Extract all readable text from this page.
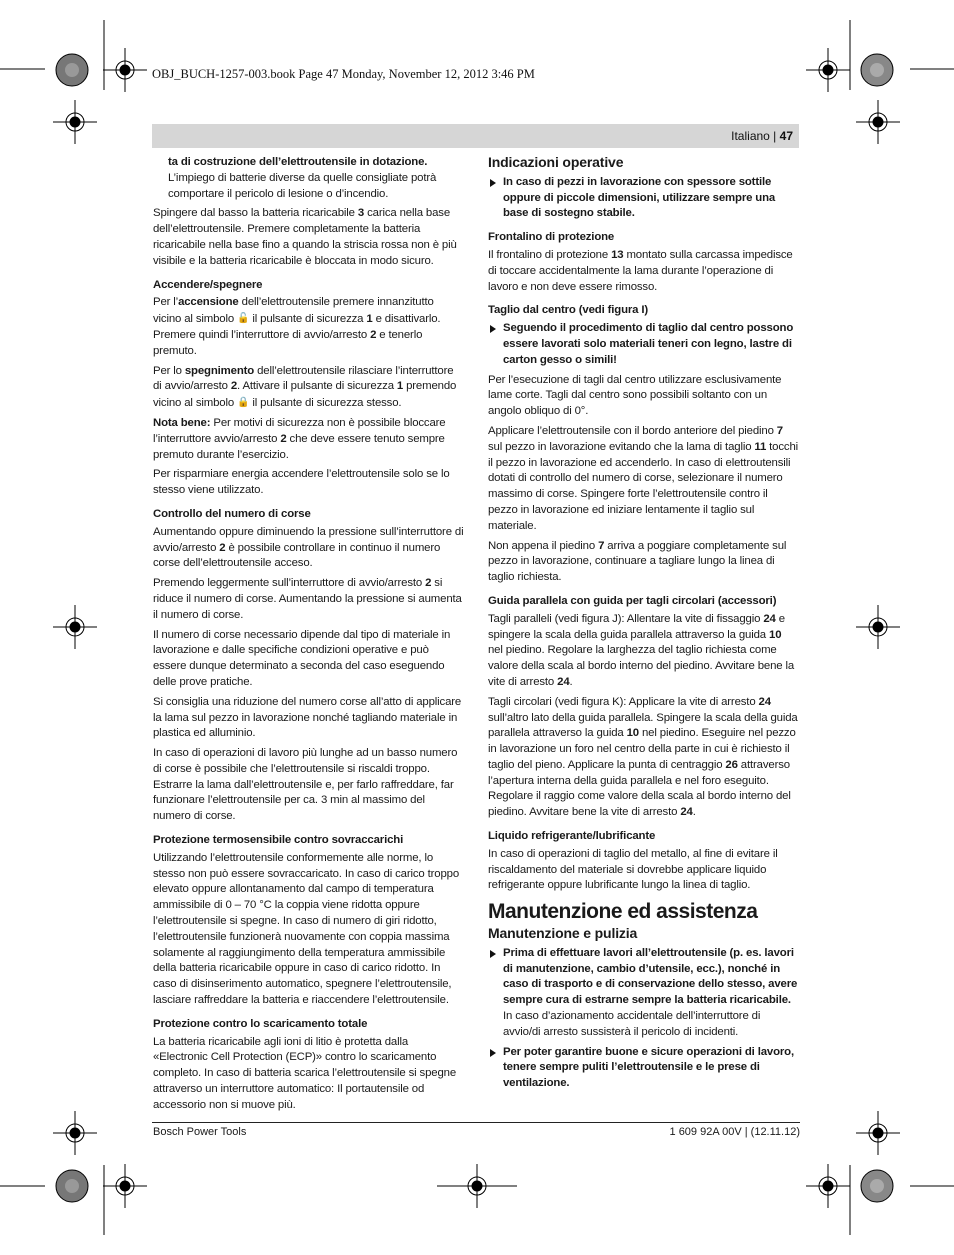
OBJ_BUCH-1257-003.book Page 47 Monday, November 12, 2012 3:46 PM
Italiano | 47

ta di costruzione dell’elettroutensile in dotazione. L’impiego di batterie diverse da quelle consigliate potrà comportare il pericolo di lesione o d’incendio.

Spingere dal basso la batteria ricaricabile 3 carica nella base dell’elettroutensile. Premere completamente la batteria ricaricabile nella base fino a quando la striscia rossa non è più visibile e la batteria ricaricabile è bloccata in modo sicuro.

Accendere/spegnere

Per l’accensione dell’elettroutensile premere innanzitutto vicino al simbolo 🔓 il pulsante di sicurezza 1 e disattivarlo. Premere quindi l’interruttore di avvio/arresto 2 e tenerlo premuto.

Per lo spegnimento dell’elettroutensile rilasciare l’interruttore di avvio/arresto 2. Attivare il pulsante di sicurezza 1 premendo vicino al simbolo 🔒 il pulsante di sicurezza stesso.

Nota bene: Per motivi di sicurezza non è possibile bloccare l’interruttore avvio/arresto 2 che deve essere tenuto sempre premuto durante l’esercizio.

Per risparmiare energia accendere l’elettroutensile solo se lo stesso viene utilizzato.

Controllo del numero di corse

Aumentando oppure diminuendo la pressione sull’interruttore di avvio/arresto 2 è possibile controllare in continuo il numero corse dell’elettroutensile acceso.

Premendo leggermente sull’interruttore di avvio/arresto 2 si riduce il numero di corse. Aumentando la pressione si aumenta il numero di corse.

Il numero di corse necessario dipende dal tipo di materiale in lavorazione e dalle specifiche condizioni operative e può essere dunque determinato a seconda del caso eseguendo delle prove pratiche.

Si consiglia una riduzione del numero corse all’atto di applicare la lama sul pezzo in lavorazione nonché tagliando materiale in plastica ed alluminio.

In caso di operazioni di lavoro più lunghe ad un basso numero di corse è possibile che l’elettroutensile si riscaldi troppo. Estrarre la lama dall’elettroutensile e, per farlo raffreddare, far funzionare l’elettroutensile per ca. 3 min al massimo del numero di corse.

Protezione termosensibile contro sovraccarichi

Utilizzando l’elettroutensile conformemente alle norme, lo stesso non può essere sovraccaricato. In caso di carico troppo elevato oppure allontanamento dal campo di temperatura ammissibile di 0 – 70 °C la coppia viene ridotta oppure l’elettroutensile si spegne. In caso di numero di giri ridotto, l’elettroutensile funzionerà nuovamente con coppia massima solamente al raggiungimento della temperatura ammissibile della batteria ricaricabile oppure in caso di carico ridotto. In caso di disinserimento automatico, spegnere l’elettroutensile, lasciare raffreddare la batteria e riaccendere l’elettroutensile.

Protezione contro lo scaricamento totale

La batteria ricaricabile agli ioni di litio è protetta dalla «Electronic Cell Protection (ECP)» contro lo scaricamento completo. In caso di batteria scarica l’elettroutensile si spegne attraverso un interruttore automatico: Il portautensile od accessorio non si muove più.

Indicazioni operative
In caso di pezzi in lavorazione con spessore sottile oppure di piccole dimensioni, utilizzare sempre una base di sostegno stabile.
Frontalino di protezione

Il frontalino di protezione 13 montato sulla carcassa impedisce di toccare accidentalmente la lama durante l’operazione di lavoro e non deve essere rimosso.

Taglio dal centro (vedi figura I)
Seguendo il procedimento di taglio dal centro possono essere lavorati solo materiali teneri con legno, lastre di carton gesso o simili!

Per l’esecuzione di tagli dal centro utilizzare esclusivamente lame corte. Tagli dal centro sono possibili soltanto con un angolo obliquo di 0°.

Applicare l’elettroutensile con il bordo anteriore del piedino 7 sul pezzo in lavorazione evitando che la lama di taglio 11 tocchi il pezzo in lavorazione ed accenderlo. In caso di elettroutensili dotati di controllo del numero di corse, selezionare il numero massimo di corse. Spingere forte l’elettroutensile contro il pezzo in lavorazione ed iniziare lentamente il taglio sul materiale.

Non appena il piedino 7 arriva a poggiare completamente sul pezzo in lavorazione, continuare a tagliare lungo la linea di taglio richiesta.

Guida parallela con guida per tagli circolari (accessori)

Tagli paralleli (vedi figura J): Allentare la vite di fissaggio 24 e spingere la scala della guida parallela attraverso la guida 10 nel piedino. Regolare la larghezza del taglio richiesta come valore della scala al bordo interno del piedino. Avvitare bene la vite di arresto 24.

Tagli circolari (vedi figura K): Applicare la vite di arresto 24 sull’altro lato della guida parallela. Spingere la scala della guida parallela attraverso la guida 10 nel piedino. Eseguire nel pezzo in lavorazione un foro nel centro della parte in cui è richiesto il taglio del pieno. Applicare la punta di centraggio 26 attraverso l’apertura interna della guida parallela e nel foro eseguito. Regolare il raggio come valore della scala al bordo interno del piedino. Avvitare bene la vite di arresto 24.

Liquido refrigerante/lubrificante

In caso di operazioni di taglio del metallo, al fine di evitare il riscaldamento del materiale si dovrebbe applicare liquido refrigerante oppure lubrificante lungo la linea di taglio.

Manutenzione ed assistenza
Manutenzione e pulizia
Prima di effettuare lavori all’elettroutensile (p. es. lavori di manutenzione, cambio d’utensile, ecc.), nonché in caso di trasporto e di conservazione dello stesso, avere sempre cura di estrarne sempre la batteria ricaricabile. In caso d’azionamento accidentale dell’interruttore di avvio/di arresto sussisterà il pericolo di incidenti.
Per poter garantire buone e sicure operazioni di lavoro, tenere sempre puliti l’elettroutensile e le prese di ventilazione.
Bosch Power Tools	1 609 92A 00V | (12.11.12)
